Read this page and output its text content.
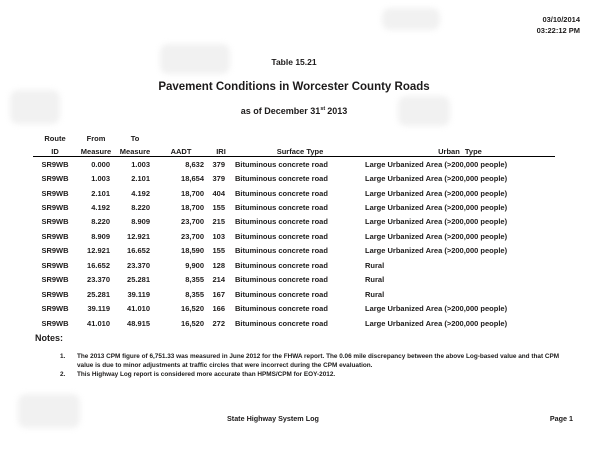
03/10/2014
03:22:12 PM
Table 15.21
Pavement Conditions in Worcester County Roads
as of December 31st 2013
Route	From	To				
ID	Measure	Measure	AADT	IRI	Surface Type	Urban Type
SR9WB	0.000	1.003	8,632	379	Bituminous concrete road	Large Urbanized Area (>200,000 people)
SR9WB	1.003	2.101	18,654	379	Bituminous concrete road	Large Urbanized Area (>200,000 people)
SR9WB	2.101	4.192	18,700	404	Bituminous concrete road	Large Urbanized Area (>200,000 people)
SR9WB	4.192	8.220	18,700	155	Bituminous concrete road	Large Urbanized Area (>200,000 people)
SR9WB	8.220	8.909	23,700	215	Bituminous concrete road	Large Urbanized Area (>200,000 people)
SR9WB	8.909	12.921	23,700	103	Bituminous concrete road	Large Urbanized Area (>200,000 people)
SR9WB	12.921	16.652	18,590	155	Bituminous concrete road	Large Urbanized Area (>200,000 people)
SR9WB	16.652	23.370	9,900	128	Bituminous concrete road	Rural
SR9WB	23.370	25.281	8,355	214	Bituminous concrete road	Rural
SR9WB	25.281	39.119	8,355	167	Bituminous concrete road	Rural
SR9WB	39.119	41.010	16,520	166	Bituminous concrete road	Large Urbanized Area (>200,000 people)
SR9WB	41.010	48.915	16,520	272	Bituminous concrete road	Large Urbanized Area (>200,000 people)
Notes:
1.	The 2013 CPM figure of 6,751.33 was measured in June 2012 for the FHWA report. The 0.06 mile discrepancy between the above Log-based value and that CPM value is due to minor adjustments at traffic circles that were incorrect during the CPM evaluation.
2.	This Highway Log report is considered more accurate than HPMS/CPM for EOY-2012.
State Highway System Log	Page 1
